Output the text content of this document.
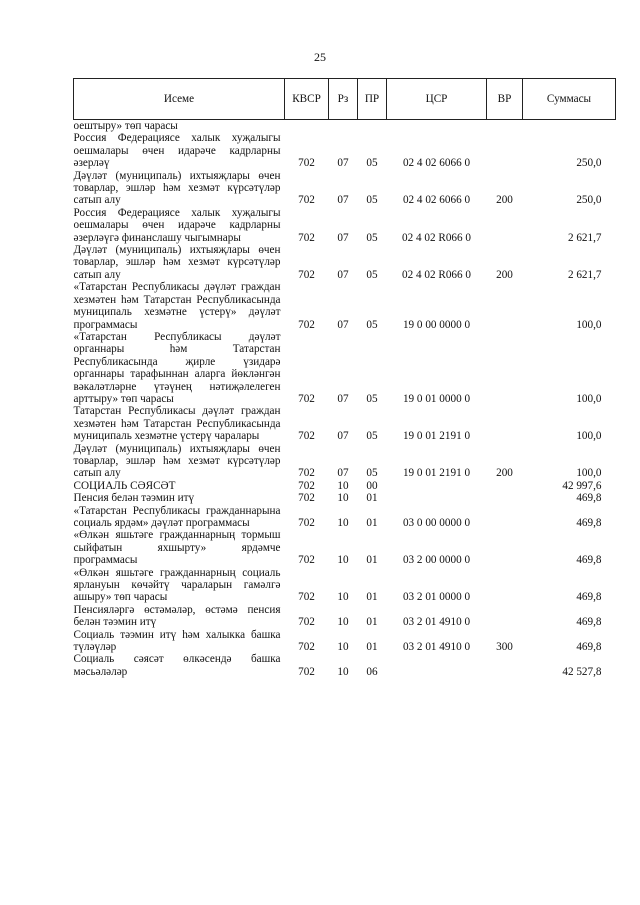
25
Исеме	КВСР	Рз	ПР	ЦСР	ВР	Суммасы
оештыру» төп чарасы						
Россия Федерациясе халык хуҗалыгы оешмалары өчен идарәче кадрларны әзерләү	702	07	05	02 4 02 6066 0		250,0
Дәүләт (муниципаль) ихтыяҗлары өчен товарлар, эшләр һәм хезмәт күрсәтүләр сатып алу	702	07	05	02 4 02 6066 0	200	250,0
Россия Федерациясе халык хуҗалыгы оешмалары өчен идарәче кадрларны әзерләүгә финанслашу чыгымнары	702	07	05	02 4 02 R066 0		2 621,7
Дәүләт (муниципаль) ихтыяҗлары өчен товарлар, эшләр һәм хезмәт күрсәтүләр сатып алу	702	07	05	02 4 02 R066 0	200	2 621,7
«Татарстан Республикасы дәүләт граждан хезмәтен һәм Татарстан Республикасында муниципаль хезмәтне үстерү» дәүләт программасы	702	07	05	19 0 00 0000 0		100,0
«Татарстан Республикасы дәүләт органнары һәм Татарстан Республикасында җирле үзидарә органнары тарафыннан аларга йөкләнгән вәкаләтләрне үтәүнең нәтиҗәлелеген арттыру» төп чарасы	702	07	05	19 0 01 0000 0		100,0
Татарстан Республикасы дәүләт граждан хезмәтен һәм Татарстан Республикасында муниципаль хезмәтне үстерү чаралары	702	07	05	19 0 01 2191 0		100,0
Дәүләт (муниципаль) ихтыяҗлары өчен товарлар, эшләр һәм хезмәт күрсәтүләр сатып алу	702	07	05	19 0 01 2191 0	200	100,0
СОЦИАЛЬ СӘЯСӘТ	702	10	00			42 997,6
Пенсия белән тәэмин итү	702	10	01			469,8
«Татарстан Республикасы гражданнарына социаль ярдәм» дәүләт программасы	702	10	01	03 0 00 0000 0		469,8
«Өлкән яшьтәге гражданнарның тормыш сыйфатын яхшырту» ярдәмче программасы	702	10	01	03 2 00 0000 0		469,8
«Өлкән яшьтәге гражданнарның социаль ярлануын көчәйтү чараларын гамәлгә ашыру» төп чарасы	702	10	01	03 2 01 0000 0		469,8
Пенсияләргә өстәмәләр, өстәмә пенсия белән тәэмин итү	702	10	01	03 2 01 4910 0		469,8
Социаль тәэмин итү һәм халыкка башка түләүләр	702	10	01	03 2 01 4910 0	300	469,8
Социаль сәясәт өлкәсендә башка мәсьәләләр	702	10	06			42 527,8
